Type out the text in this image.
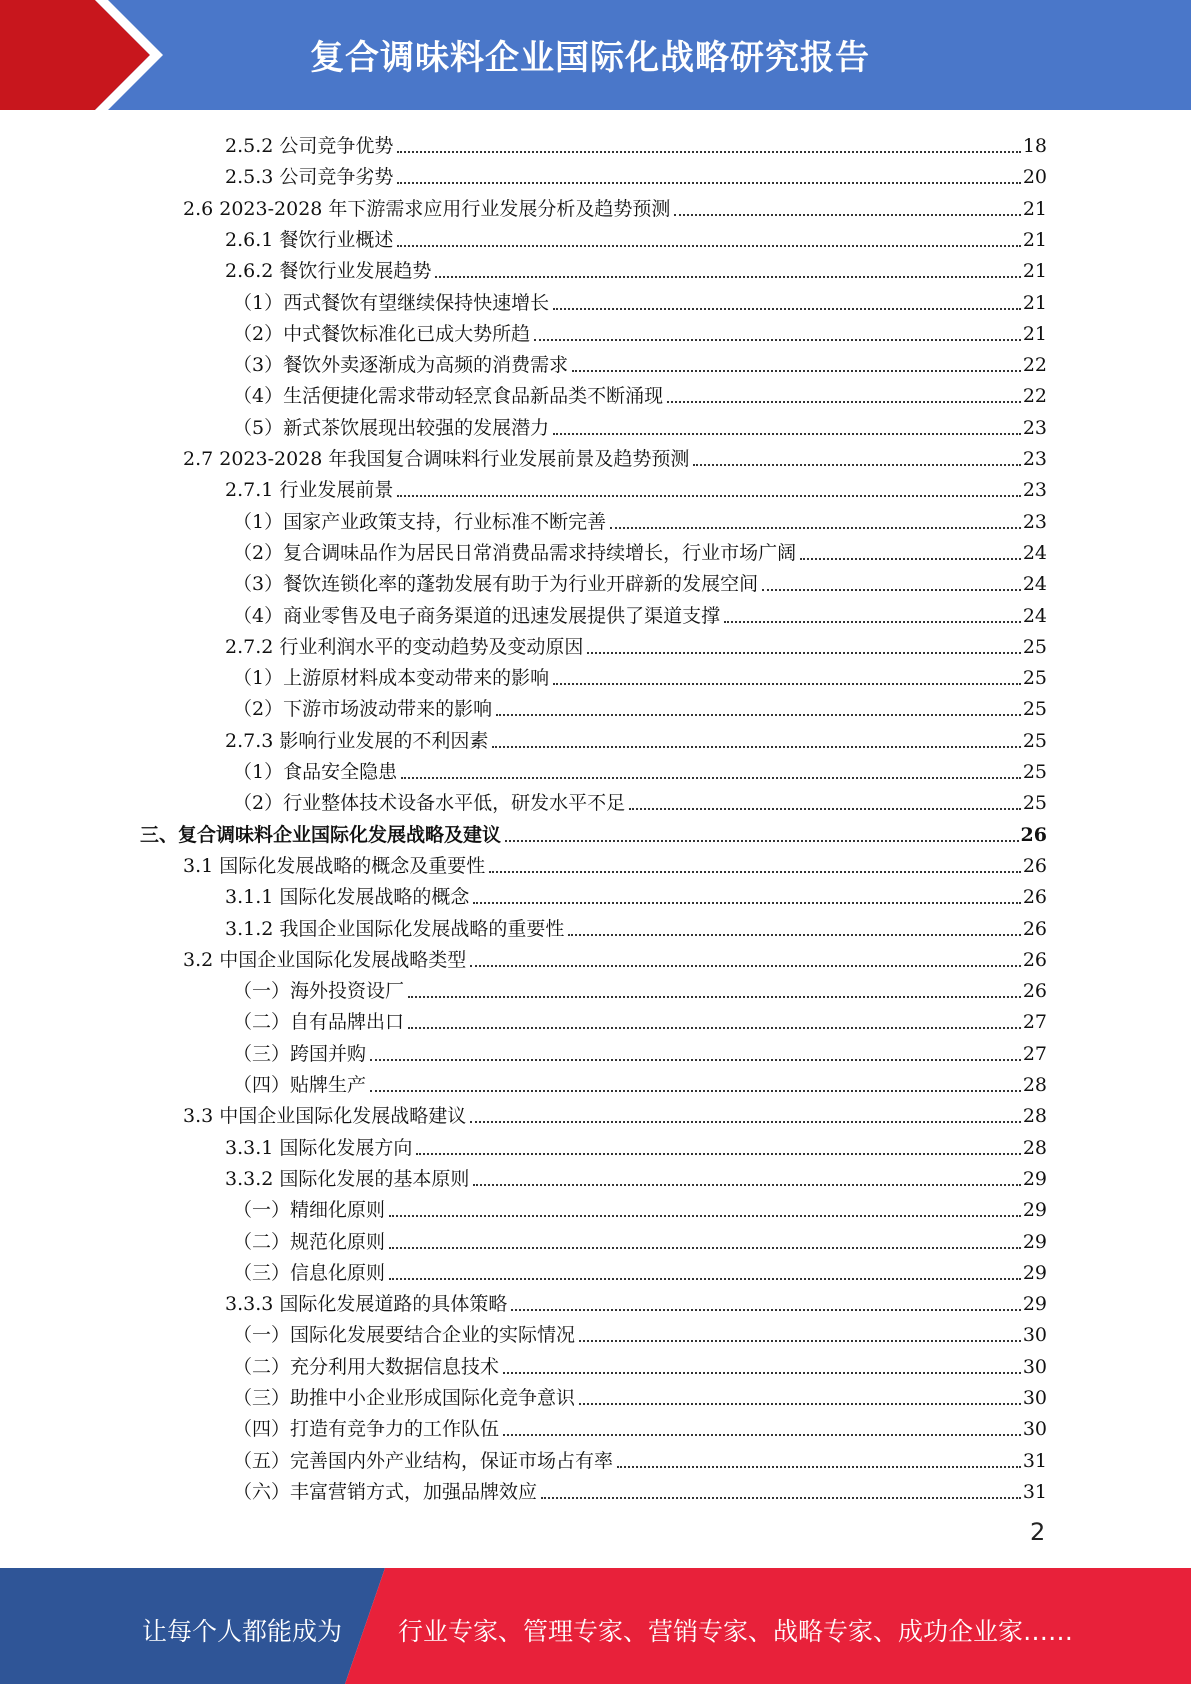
复合调味料企业国际化战略研究报告
2.5.2 公司竞争优势	18
2.5.3 公司竞争劣势	20
2.6 2023-2028 年下游需求应用行业发展分析及趋势预测	21
2.6.1 餐饮行业概述	21
2.6.2 餐饮行业发展趋势	21
（1）西式餐饮有望继续保持快速增长	21
（2）中式餐饮标准化已成大势所趋	21
（3）餐饮外卖逐渐成为高频的消费需求	22
（4）生活便捷化需求带动轻烹食品新品类不断涌现	22
（5）新式茶饮展现出较强的发展潜力	23
2.7 2023-2028 年我国复合调味料行业发展前景及趋势预测	23
2.7.1 行业发展前景	23
（1）国家产业政策支持，行业标准不断完善	23
（2）复合调味品作为居民日常消费品需求持续增长，行业市场广阔	24
（3）餐饮连锁化率的蓬勃发展有助于为行业开辟新的发展空间	24
（4）商业零售及电子商务渠道的迅速发展提供了渠道支撑	24
2.7.2 行业利润水平的变动趋势及变动原因	25
（1）上游原材料成本变动带来的影响	25
（2）下游市场波动带来的影响	25
2.7.3 影响行业发展的不利因素	25
（1）食品安全隐患	25
（2）行业整体技术设备水平低，研发水平不足	25
三、复合调味料企业国际化发展战略及建议	26
3.1 国际化发展战略的概念及重要性	26
3.1.1 国际化发展战略的概念	26
3.1.2 我国企业国际化发展战略的重要性	26
3.2 中国企业国际化发展战略类型	26
（一）海外投资设厂	26
（二）自有品牌出口	27
（三）跨国并购	27
（四）贴牌生产	28
3.3 中国企业国际化发展战略建议	28
3.3.1 国际化发展方向	28
3.3.2 国际化发展的基本原则	29
（一）精细化原则	29
（二）规范化原则	29
（三）信息化原则	29
3.3.3 国际化发展道路的具体策略	29
（一）国际化发展要结合企业的实际情况	30
（二）充分利用大数据信息技术	30
（三）助推中小企业形成国际化竞争意识	30
（四）打造有竞争力的工作队伍	30
（五）完善国内外产业结构，保证市场占有率	31
（六）丰富营销方式，加强品牌效应	31
2
让每个人都能成为 行业专家、管理专家、营销专家、战略专家、成功企业家……
